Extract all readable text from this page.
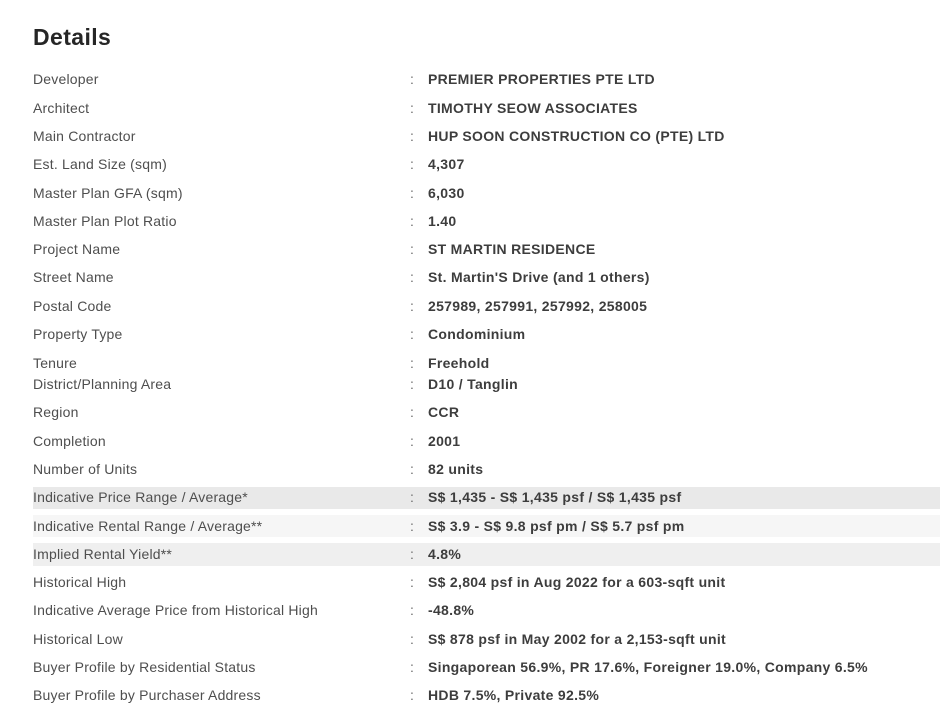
Details
Developer	:	PREMIER PROPERTIES PTE LTD
Architect	:	TIMOTHY SEOW ASSOCIATES
Main Contractor	:	HUP SOON CONSTRUCTION CO (PTE) LTD
Est. Land Size (sqm)	:	4,307
Master Plan GFA (sqm)	:	6,030
Master Plan Plot Ratio	:	1.40
Project Name	:	ST MARTIN RESIDENCE
Street Name	:	St. Martin'S Drive (and 1 others)
Postal Code	:	257989, 257991, 257992, 258005
Property Type	:	Condominium
Tenure	:	Freehold
District/Planning Area	:	D10 / Tanglin
Region	:	CCR
Completion	:	2001
Number of Units	:	82 units
Indicative Price Range / Average*	:	S$ 1,435 - S$ 1,435 psf / S$ 1,435 psf
Indicative Rental Range / Average**	:	S$ 3.9 - S$ 9.8 psf pm / S$ 5.7 psf pm
Implied Rental Yield**	:	4.8%
Historical High	:	S$ 2,804 psf in Aug 2022 for a 603-sqft unit
Indicative Average Price from Historical High	:	-48.8%
Historical Low	:	S$ 878 psf in May 2002 for a 2,153-sqft unit
Buyer Profile by Residential Status	:	Singaporean 56.9%, PR 17.6%, Foreigner 19.0%, Company 6.5%
Buyer Profile by Purchaser Address	:	HDB 7.5%, Private 92.5%
